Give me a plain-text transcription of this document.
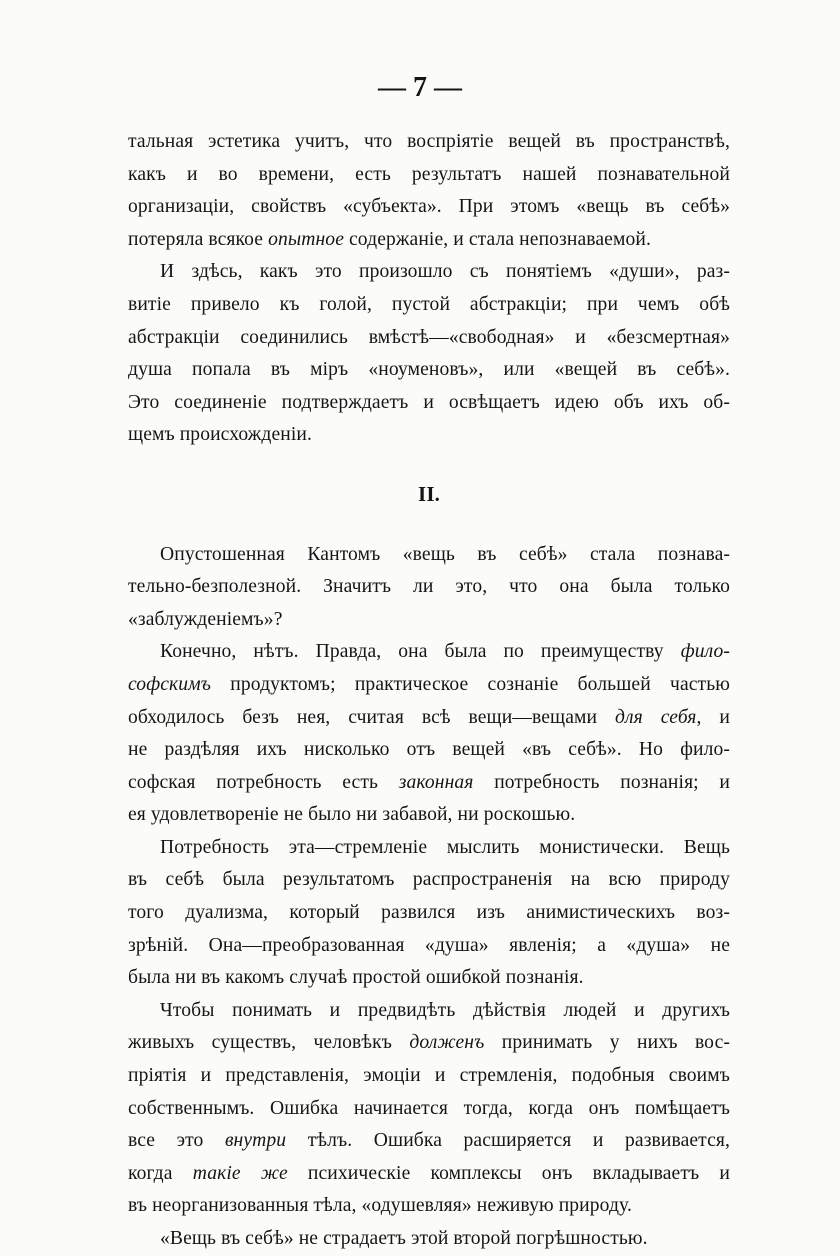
— 7 —
тальная эстетика учитъ, что воспріятіе вещей въ пространствѣ,
какъ и во времени, есть результатъ нашей познавательной
организаціи, свойствъ «субъекта». При этомъ «вещь въ себѣ»
потеряла всякое опытное содержаніе, и стала непознаваемой.
И здѣсь, какъ это произошло съ понятіемъ «души», раз-
витіе привело къ голой, пустой абстракціи; при чемъ обѣ
абстракціи соединились вмѣстѣ—«свободная» и «безсмертная»
душа попала въ міръ «ноуменовъ», или «вещей въ себѣ».
Это соединеніе подтверждаетъ и освѣщаетъ идею объ ихъ об-
щемъ происхожденіи.
II.
Опустошенная Кантомъ «вещь въ себѣ» стала познава-
тельно-безполезной. Значитъ ли это, что она была только
«заблужденіемъ»?
Конечно, нѣтъ. Правда, она была по преимуществу фило-
софскимъ продуктомъ; практическое сознаніе большей частью
обходилось безъ нея, считая всѣ вещи—вещами для себя, и
не раздѣляя ихъ нисколько отъ вещей «въ себѣ». Но фило-
софская потребность есть законная потребность познанія; и
ея удовлетвореніе не было ни забавой, ни роскошью.
Потребность эта—стремленіе мыслить монистически. Вещь
въ себѣ была результатомъ распространенія на всю природу
того дуализма, который развился изъ анимистическихъ воз-
зрѣній. Она—преобразованная «душа» явленія; а «душа» не
была ни въ какомъ случаѣ простой ошибкой познанія.
Чтобы понимать и предвидѣть дѣйствія людей и другихъ
живыхъ существъ, человѣкъ долженъ принимать у нихъ вос-
пріятія и представленія, эмоціи и стремленія, подобныя своимъ
собственнымъ. Ошибка начинается тогда, когда онъ помѣщаетъ
все это внутри тѣлъ. Ошибка расширяется и развивается,
когда такіе же психическіе комплексы онъ вкладываетъ и
въ неорганизованныя тѣла, «одушевляя» неживую природу.
«Вещь въ себѣ» не страдаетъ этой второй погрѣшностью.
